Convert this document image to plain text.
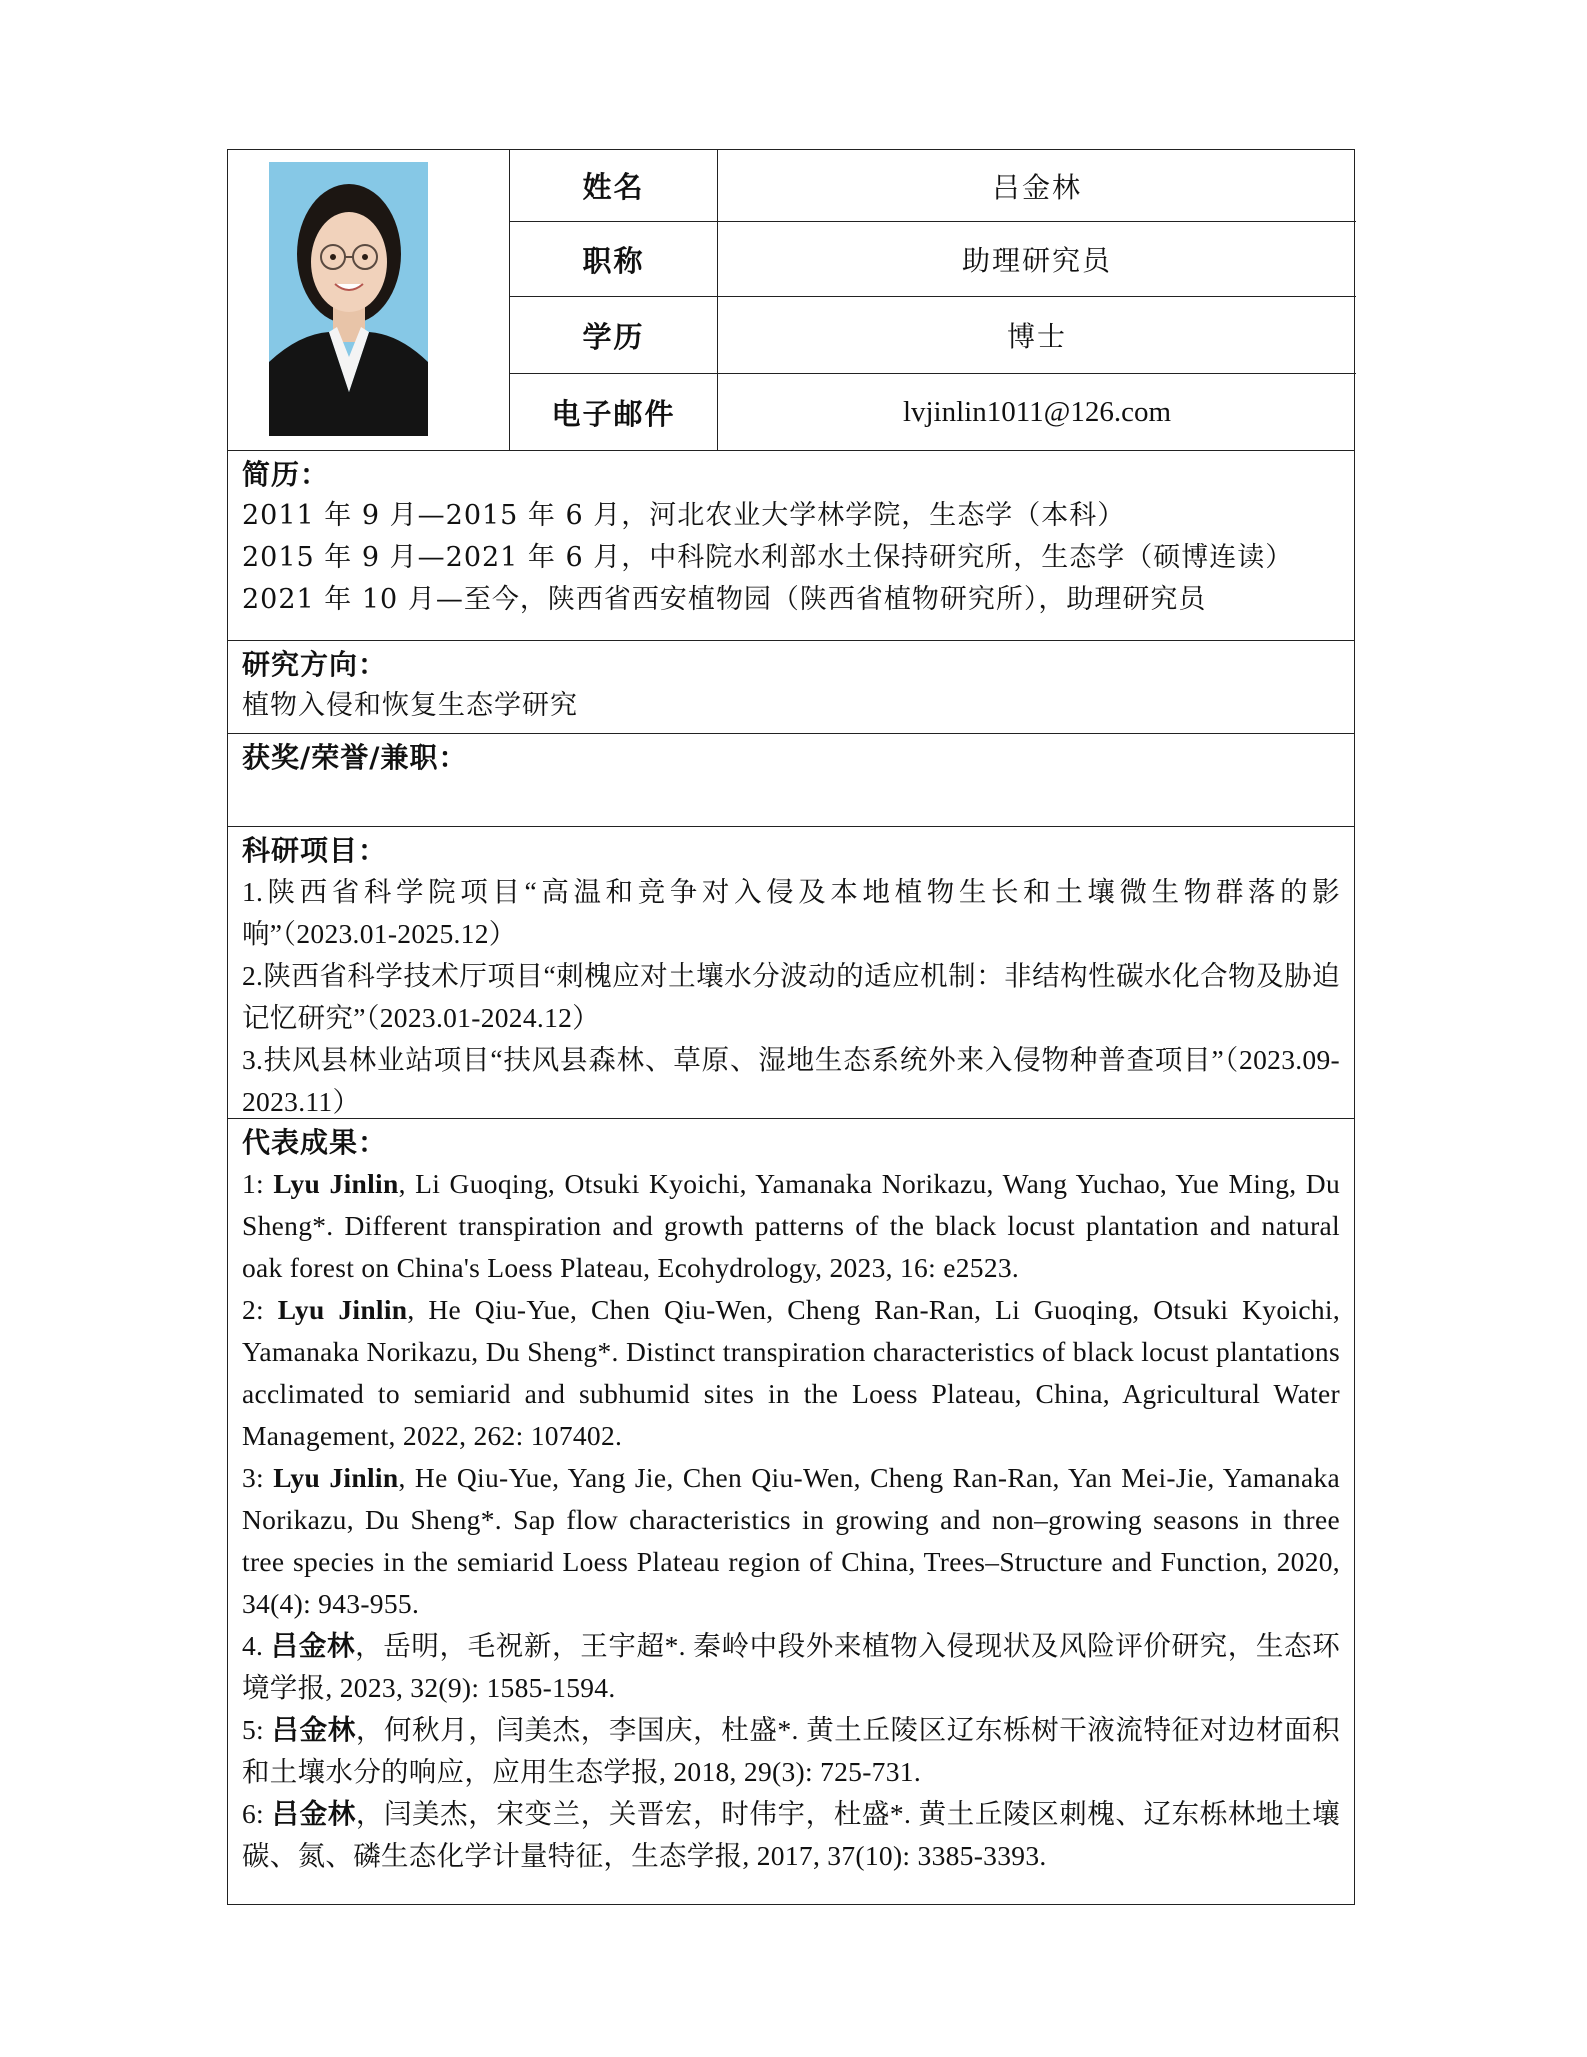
姓名	吕金林
职称	助理研究员
学历	博士
电子邮件	lvjinlin1011@126.com
简历：
2011 年 9 月—2015 年 6 月，河北农业大学林学院，生态学（本科）
2015 年 9 月—2021 年 6 月，中科院水利部水土保持研究所，生态学（硕博连读）
2021 年 10 月—至今，陕西省西安植物园（陕西省植物研究所），助理研究员
研究方向：
植物入侵和恢复生态学研究
获奖/荣誉/兼职：
科研项目：

1.陕西省科学院项目“高温和竞争对入侵及本地植物生长和土壤微生物群落的影响”（2023.01-2025.12）

2.陕西省科学技术厅项目“刺槐应对土壤水分波动的适应机制：非结构性碳水化合物及胁迫记忆研究”（2023.01-2024.12）

3.扶风县林业站项目“扶风县森林、草原、湿地生态系统外来入侵物种普查项目”（2023.09-2023.11）

代表成果：

1: Lyu Jinlin, Li Guoqing, Otsuki Kyoichi, Yamanaka Norikazu, Wang Yuchao, Yue Ming, Du Sheng*. Different transpiration and growth patterns of the black locust plantation and natural oak forest on China's Loess Plateau, Ecohydrology, 2023, 16: e2523.

2: Lyu Jinlin, He Qiu-Yue, Chen Qiu-Wen, Cheng Ran-Ran, Li Guoqing, Otsuki Kyoichi, Yamanaka Norikazu, Du Sheng*. Distinct transpiration characteristics of black locust plantations acclimated to semiarid and subhumid sites in the Loess Plateau, China, Agricultural Water Management, 2022, 262: 107402.

3: Lyu Jinlin, He Qiu-Yue, Yang Jie, Chen Qiu-Wen, Cheng Ran-Ran, Yan Mei-Jie, Yamanaka Norikazu, Du Sheng*. Sap flow characteristics in growing and non–growing seasons in three tree species in the semiarid Loess Plateau region of China, Trees–Structure and Function, 2020, 34(4): 943-955.

4. 吕金林，岳明，毛祝新，王宇超*. 秦岭中段外来植物入侵现状及风险评价研究，生态环境学报, 2023, 32(9): 1585-1594.

5: 吕金林，何秋月，闫美杰，李国庆，杜盛*. 黄土丘陵区辽东栎树干液流特征对边材面积和土壤水分的响应，应用生态学报, 2018, 29(3): 725-731.

6: 吕金林，闫美杰，宋变兰，关晋宏，时伟宇，杜盛*. 黄土丘陵区刺槐、辽东栎林地土壤碳、氮、磷生态化学计量特征，生态学报, 2017, 37(10): 3385-3393.
